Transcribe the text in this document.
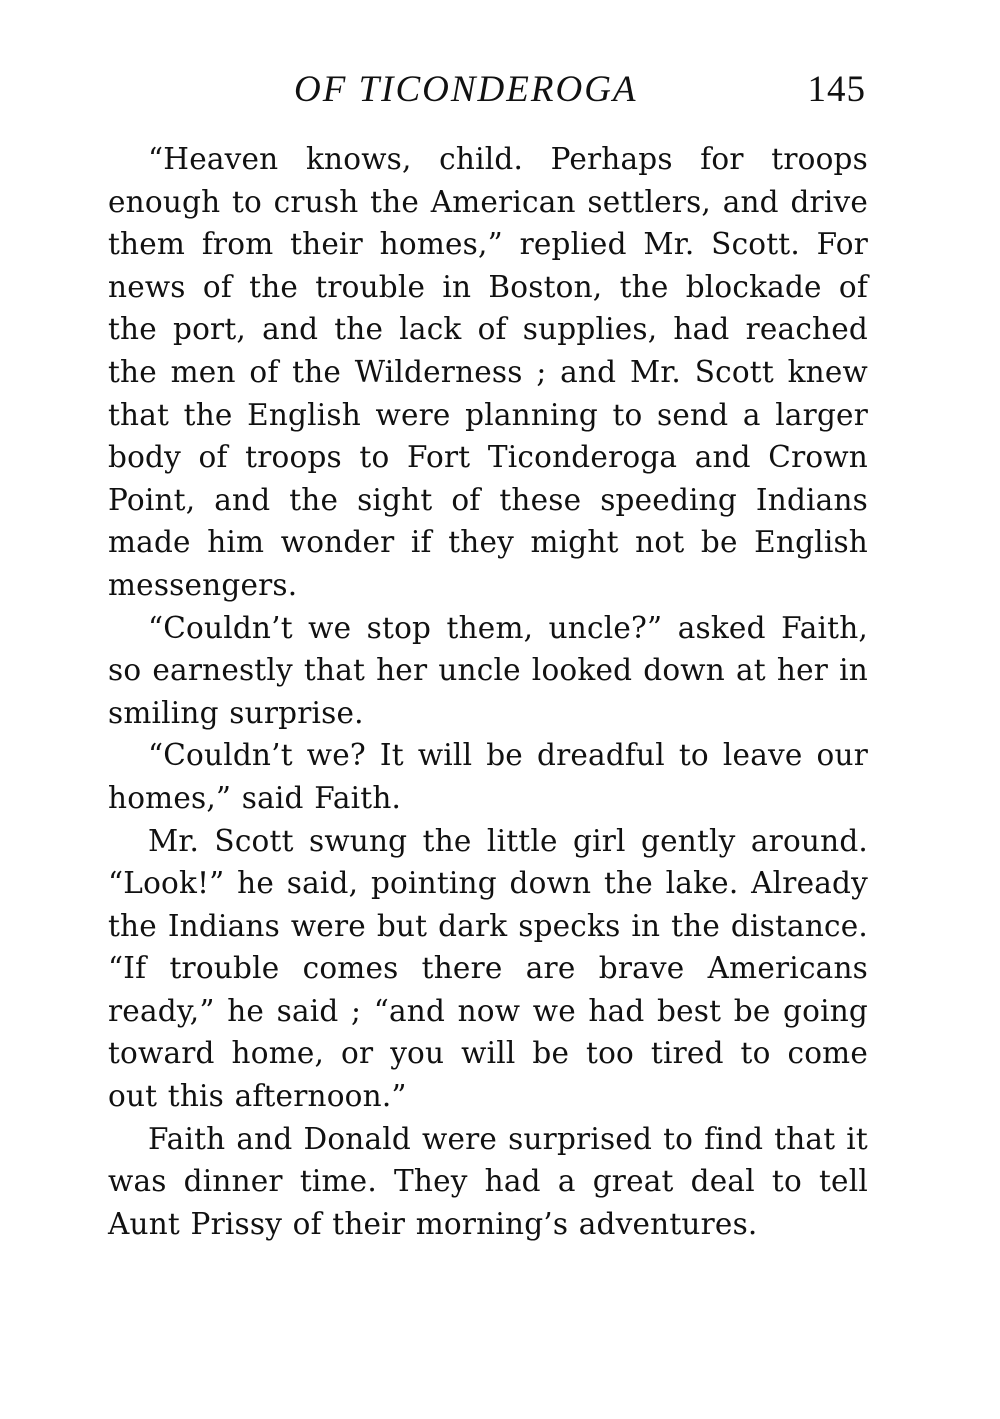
OF TICONDEROGA	145

“Heaven knows, child. Perhaps for troops enough to crush the American settlers, and drive them from their homes,” replied Mr. Scott. For news of the trouble in Boston, the blockade of the port, and the lack of supplies, had reached the men of the Wilderness ; and Mr. Scott knew that the English were planning to send a larger body of troops to Fort Ticonderoga and Crown Point, and the sight of these speeding Indians made him wonder if they might not be English messengers.

“Couldn’t we stop them, uncle?” asked Faith, so earnestly that her uncle looked down at her in smiling surprise.

“Couldn’t we? It will be dreadful to leave our homes,” said Faith.

Mr. Scott swung the little girl gently around. “Look!” he said, pointing down the lake. Already the Indians were but dark specks in the distance. “If trouble comes there are brave Americans ready,” he said ; “and now we had best be going toward home, or you will be too tired to come out this afternoon.”

Faith and Donald were surprised to find that it was dinner time. They had a great deal to tell Aunt Prissy of their morning’s adventures.
